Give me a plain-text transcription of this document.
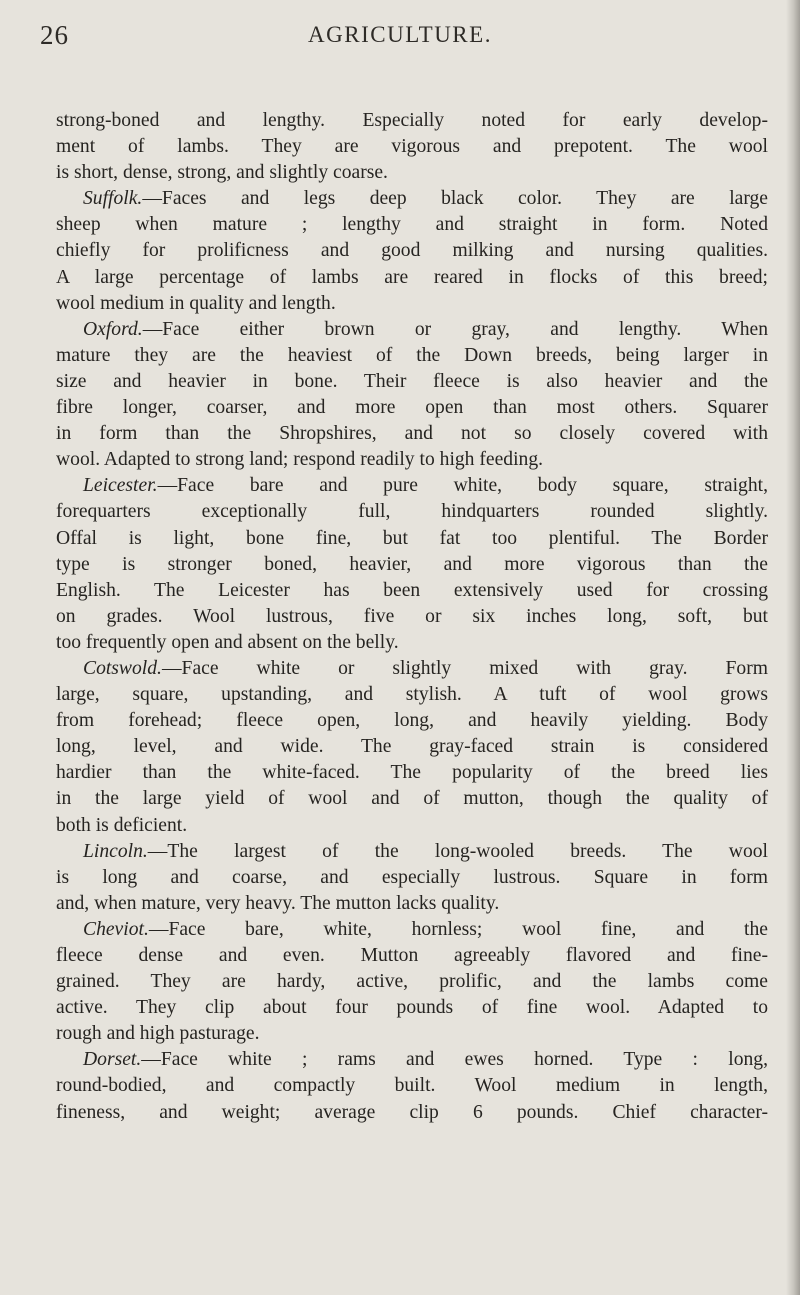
26	AGRICULTURE.
strong-boned and lengthy. Especially noted for early develop-
ment of lambs. They are vigorous and prepotent. The wool
is short, dense, strong, and slightly coarse.
Suffolk.—Faces and legs deep black color. They are large
sheep when mature ; lengthy and straight in form. Noted
chiefly for prolificness and good milking and nursing qualities.
A large percentage of lambs are reared in flocks of this breed;
wool medium in quality and length.
Oxford.—Face either brown or gray, and lengthy. When
mature they are the heaviest of the Down breeds, being larger in
size and heavier in bone. Their fleece is also heavier and the
fibre longer, coarser, and more open than most others. Squarer
in form than the Shropshires, and not so closely covered with
wool. Adapted to strong land; respond readily to high feeding.
Leicester.—Face bare and pure white, body square, straight,
forequarters exceptionally full, hindquarters rounded slightly.
Offal is light, bone fine, but fat too plentiful. The Border
type is stronger boned, heavier, and more vigorous than the
English. The Leicester has been extensively used for crossing
on grades. Wool lustrous, five or six inches long, soft, but
too frequently open and absent on the belly.
Cotswold.—Face white or slightly mixed with gray. Form
large, square, upstanding, and stylish. A tuft of wool grows
from forehead; fleece open, long, and heavily yielding. Body
long, level, and wide. The gray-faced strain is considered
hardier than the white-faced. The popularity of the breed lies
in the large yield of wool and of mutton, though the quality of
both is deficient.
Lincoln.—The largest of the long-wooled breeds. The wool
is long and coarse, and especially lustrous. Square in form
and, when mature, very heavy. The mutton lacks quality.
Cheviot.—Face bare, white, hornless; wool fine, and the
fleece dense and even. Mutton agreeably flavored and fine-
grained. They are hardy, active, prolific, and the lambs come
active. They clip about four pounds of fine wool. Adapted to
rough and high pasturage.
Dorset.—Face white ; rams and ewes horned. Type : long,
round-bodied, and compactly built. Wool medium in length,
fineness, and weight; average clip 6 pounds. Chief character-
